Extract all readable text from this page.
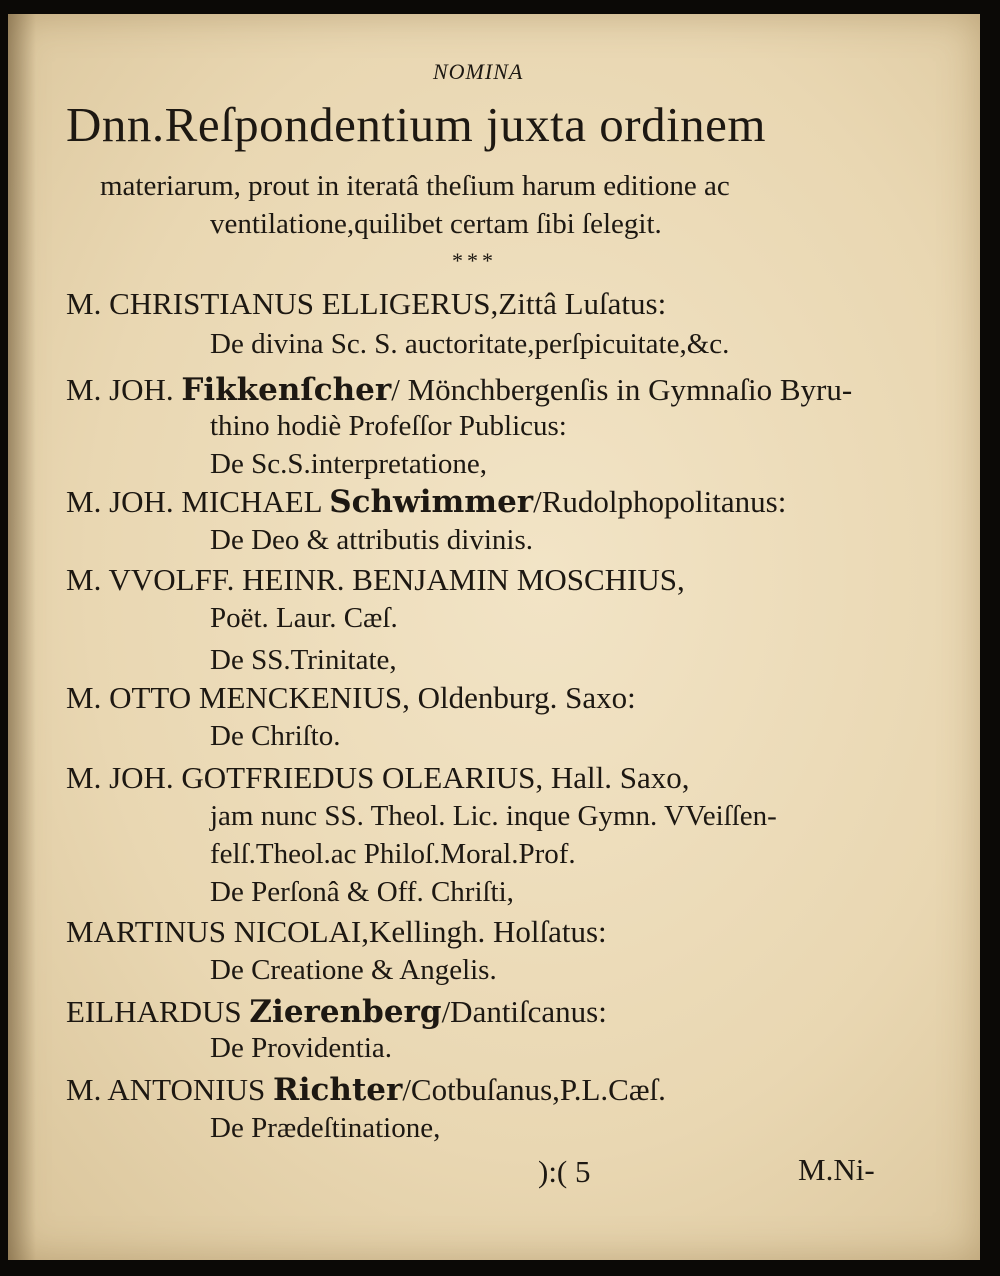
NOMINA
Dnn.Reſpondentium juxta ordinem
materiarum, prout in iteratâ theſium harum editione ac
ventilatione,quilibet certam ſibi ſelegit.
***
M. CHRISTIANUS ELLIGERUS,Zittâ Luſatus:
De divina Sc. S. auctoritate,perſpicuitate,&c.
M. JOH. Fikkenſcher/ Mönchbergenſis in Gymnaſio Byru-
thino hodiè Profeſſor Publicus:
De Sc.S.interpretatione,
M. JOH. MICHAEL Schwimmer/Rudolphopolitanus:
De Deo & attributis divinis.
M. VVOLFF. HEINR. BENJAMIN MOSCHIUS,
Poët. Laur. Cæſ.
De SS.Trinitate,
M. OTTO MENCKENIUS, Oldenburg. Saxo:
De Chriſto.
M. JOH. GOTFRIEDUS OLEARIUS, Hall. Saxo,
jam nunc SS. Theol. Lic. inque Gymn. VVeiſſen-
felſ.Theol.ac Philoſ.Moral.Prof.
De Perſonâ & Off. Chriſti,
MARTINUS NICOLAI,Kellingh. Holſatus:
De Creatione & Angelis.
EILHARDUS Zierenberg/Dantiſcanus:
De Providentia.
M. ANTONIUS Richter/Cotbuſanus,P.L.Cæſ.
De Prædeſtinatione,
):( 5	M.Ni-
